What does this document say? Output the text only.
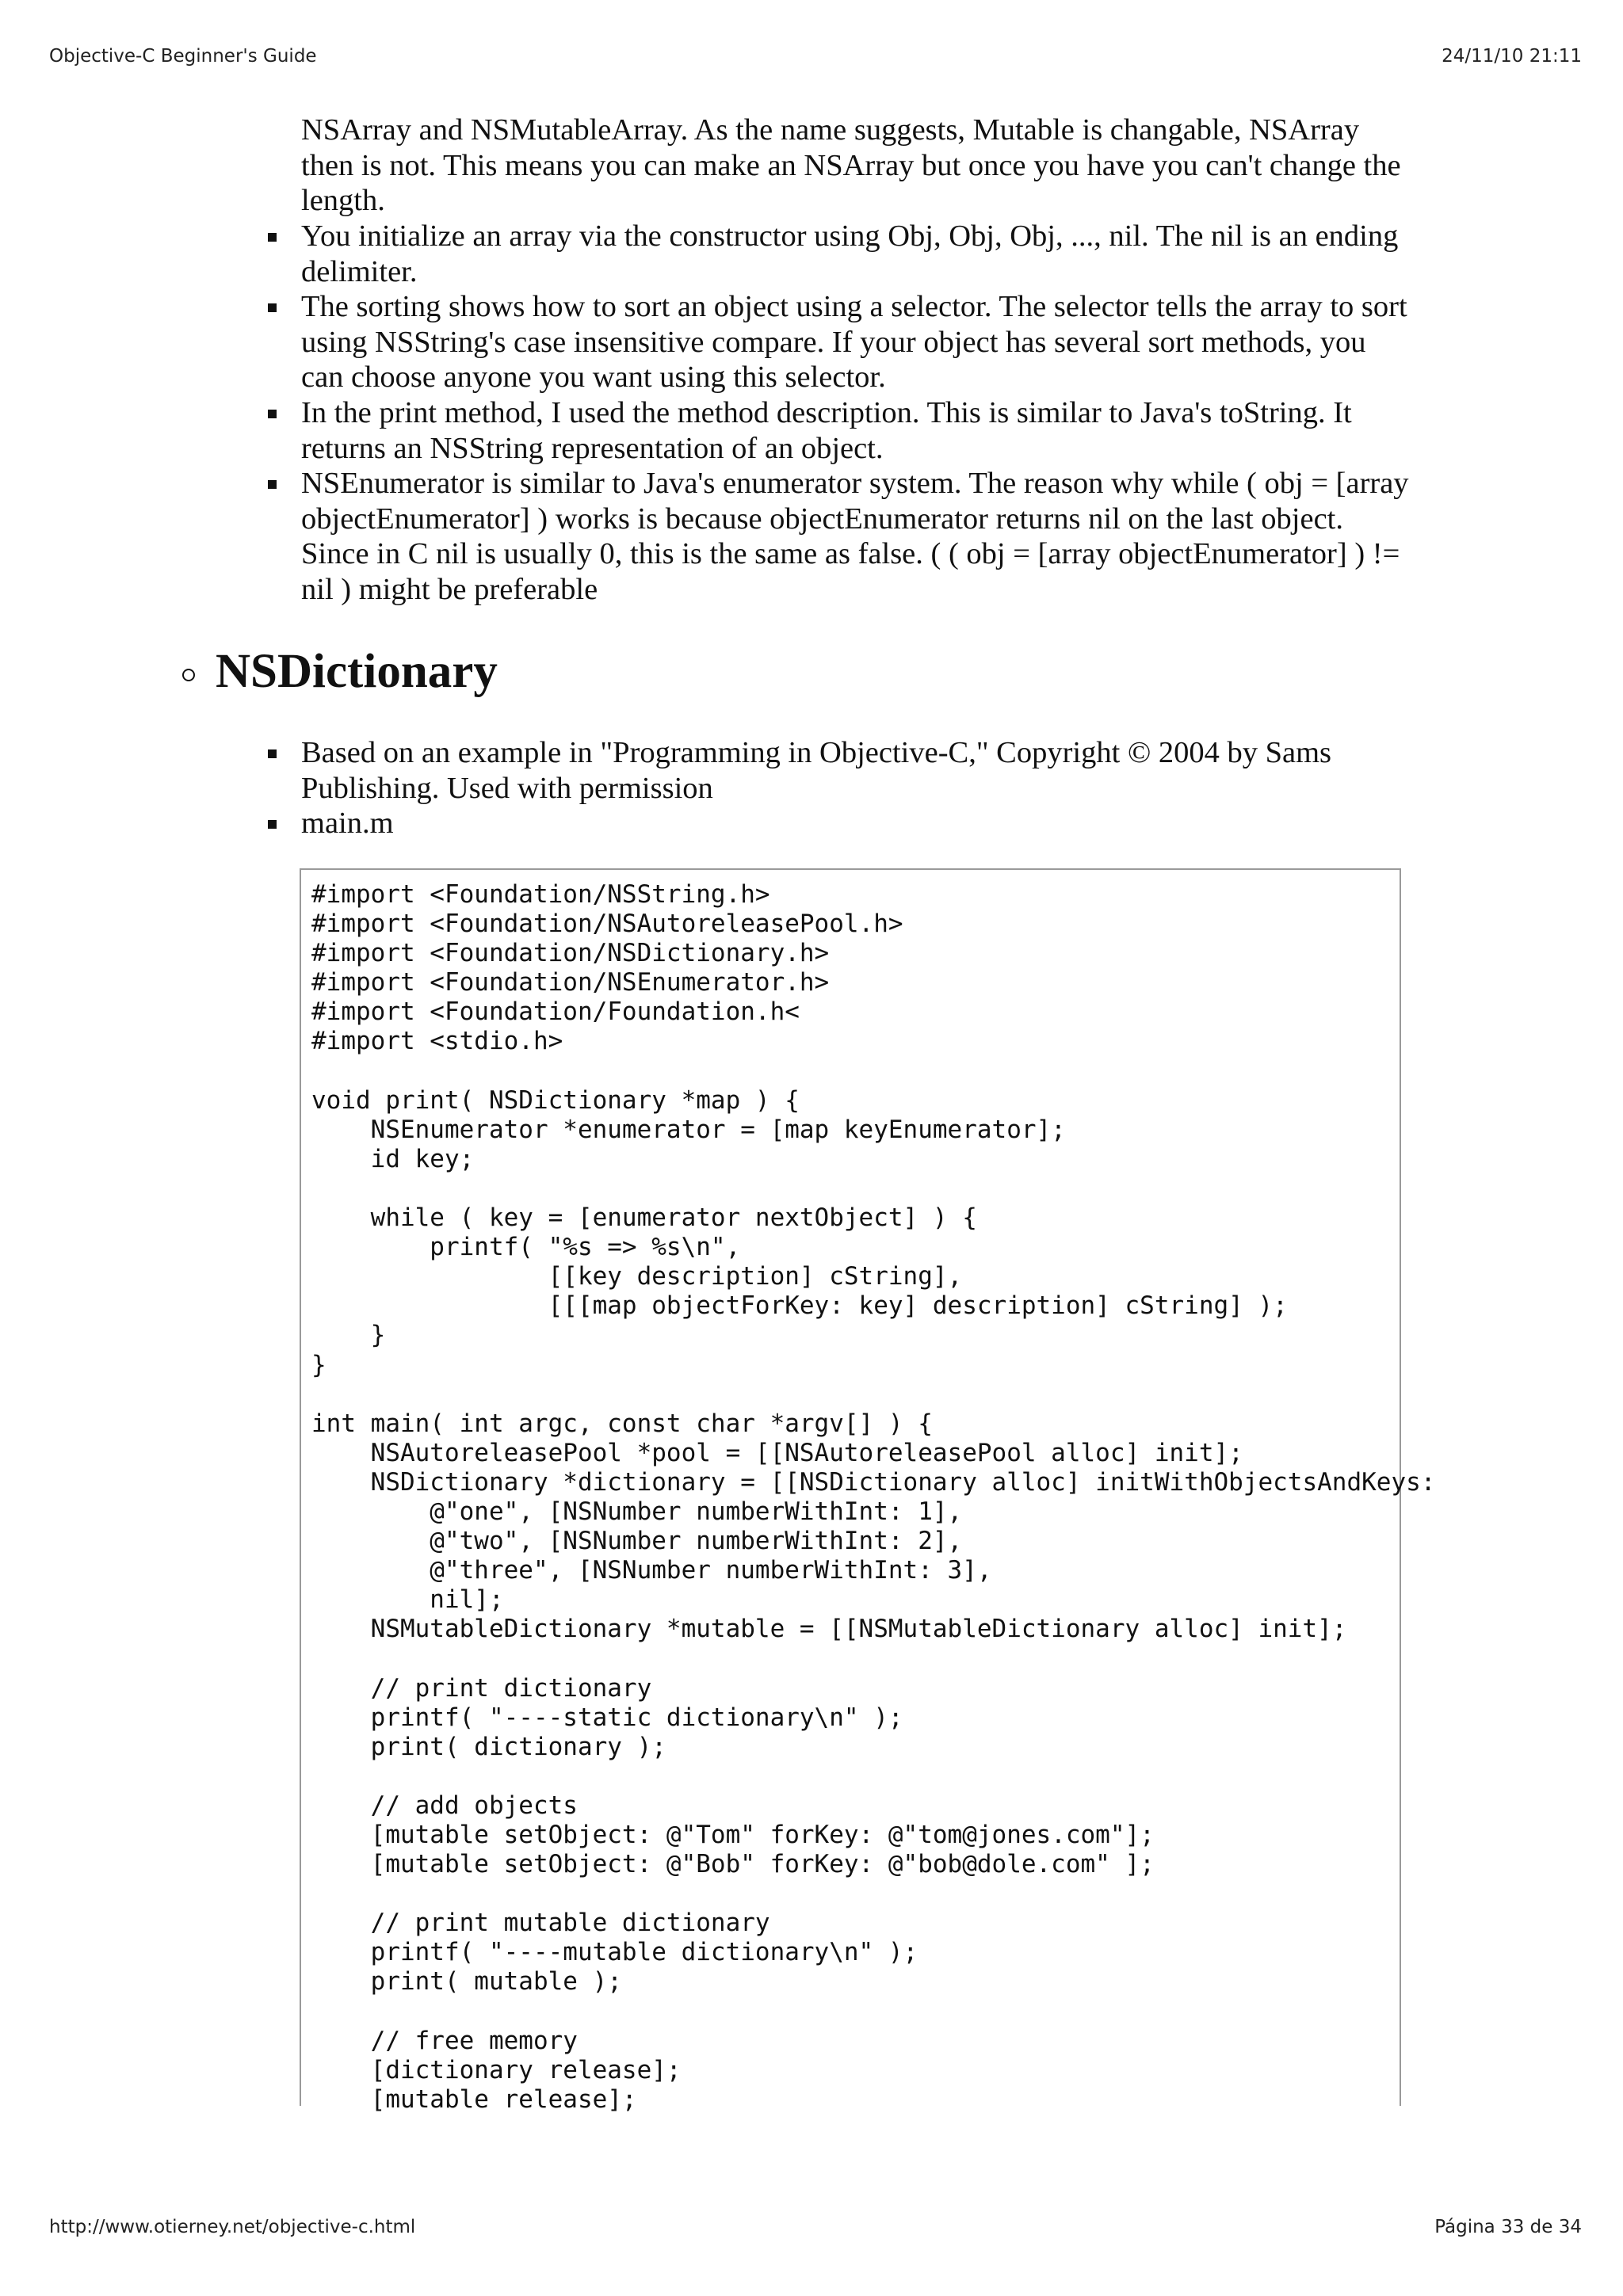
Objective-C Beginner's Guide	24/11/10 21:11
NSArray and NSMutableArray. As the name suggests, Mutable is changable, NSArray then is not. This means you can make an NSArray but once you have you can't change the length.
You initialize an array via the constructor using Obj, Obj, Obj, ..., nil. The nil is an ending delimiter.
The sorting shows how to sort an object using a selector. The selector tells the array to sort using NSString's case insensitive compare. If your object has several sort methods, you can choose anyone you want using this selector.
In the print method, I used the method description. This is similar to Java's toString. It returns an NSString representation of an object.
NSEnumerator is similar to Java's enumerator system. The reason why while ( obj = [array objectEnumerator] ) works is because objectEnumerator returns nil on the last object. Since in C nil is usually 0, this is the same as false. ( ( obj = [array objectEnumerator] ) != nil ) might be preferable
NSDictionary
Based on an example in "Programming in Objective-C," Copyright © 2004 by Sams Publishing. Used with permission
main.m
#import <Foundation/NSString.h>
#import <Foundation/NSAutoreleasePool.h>
#import <Foundation/NSDictionary.h>
#import <Foundation/NSEnumerator.h>
#import <Foundation/Foundation.h<
#import <stdio.h>

void print( NSDictionary *map ) {
NSEnumerator *enumerator = [map keyEnumerator];
id key;

while ( key = [enumerator nextObject] ) {
printf( "%s => %s\n",
[[key description] cString],
[[[map objectForKey: key] description] cString] );
}
}

int main( int argc, const char *argv[] ) {
NSAutoreleasePool *pool = [[NSAutoreleasePool alloc] init];
NSDictionary *dictionary = [[NSDictionary alloc] initWithObjectsAndKeys:
@"one", [NSNumber numberWithInt: 1],
@"two", [NSNumber numberWithInt: 2],
@"three", [NSNumber numberWithInt: 3],
nil];
NSMutableDictionary *mutable = [[NSMutableDictionary alloc] init];

// print dictionary
printf( "----static dictionary\n" );
print( dictionary );

// add objects
[mutable setObject: @"Tom" forKey: @"tom@jones.com"];
[mutable setObject: @"Bob" forKey: @"bob@dole.com" ];

// print mutable dictionary
printf( "----mutable dictionary\n" );
print( mutable );

// free memory
[dictionary release];
[mutable release];
http://www.otierney.net/objective-c.html	Página 33 de 34
